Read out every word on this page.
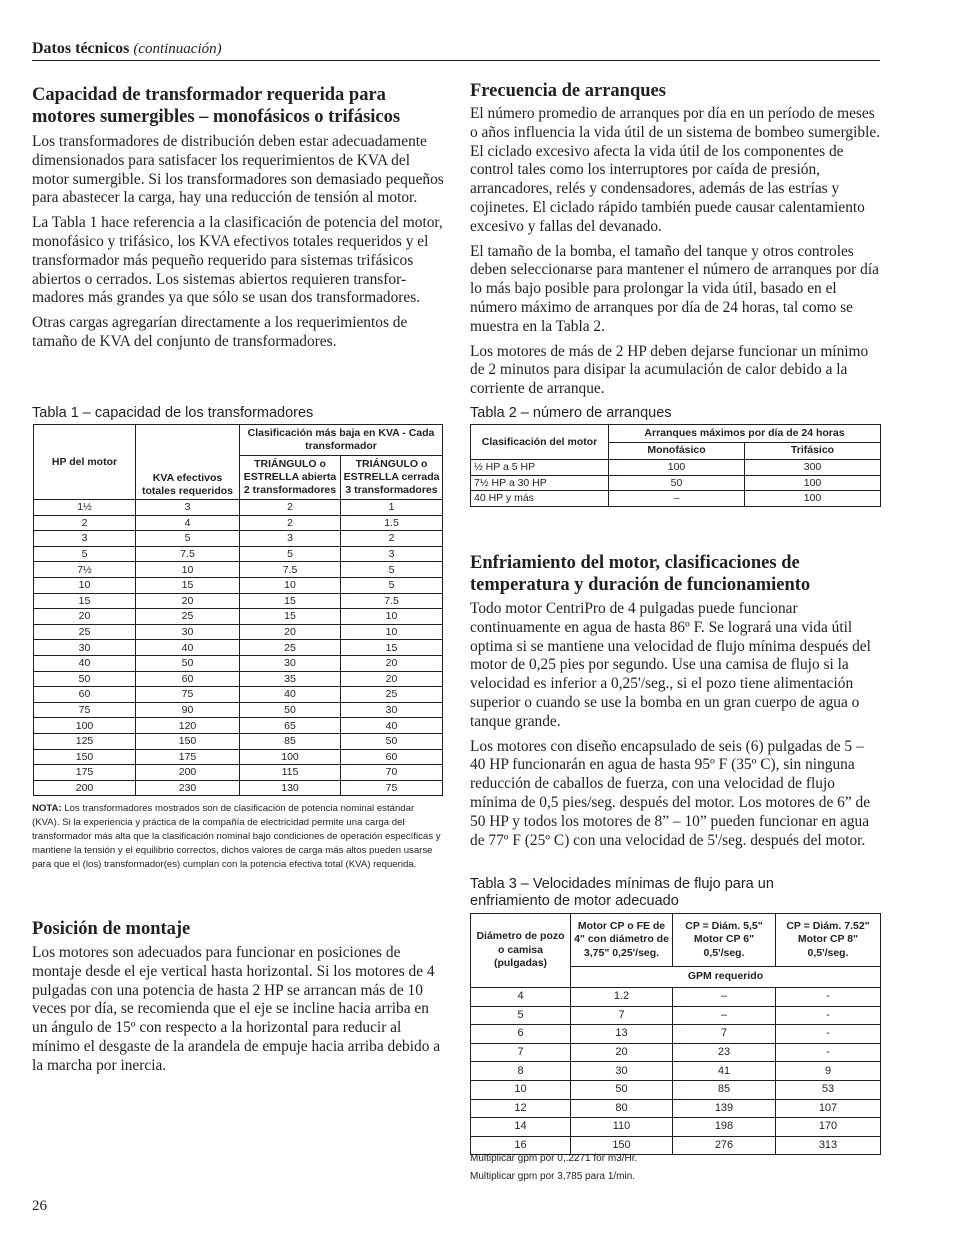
Datos técnicos (continuación)
Capacidad de transformador requerida para
motores sumergibles – monofásicos o trifásicos

Los transformadores de distribución deben estar adecuadamente dimensionados para satisfacer los requerimientos de KVA del motor sumergible. Si los transformadores son demasiado pequeños para abastecer la carga, hay una reducción de tensión al motor.

La Tabla 1 hace referencia a la clasificación de potencia del motor, monofásico y trifásico, los KVA efectivos totales requeridos y el transformador más pequeño requerido para sistemas trifásicos abiertos o cerrados. Los sistemas abiertos requieren transfor-madores más grandes ya que sólo se usan dos transformadores.

Otras cargas agregarían directamente a los requerimientos de tamaño de KVA del conjunto de transformadores.

Tabla 1 – capacidad de los transformadores
HP del motor	KVA efectivos totales requeridos	Clasificación más baja en KVA - Cada transformador	
		TRIÁNGULO o ESTRELLA abierta 2 transformadores	TRIÁNGULO o ESTRELLA cerrada 3 transformadores
1½	3	2	1
2	4	2	1.5
3	5	3	2
5	7.5	5	3
7½	10	7.5	5
10	15	10	5
15	20	15	7.5
20	25	15	10
25	30	20	10
30	40	25	15
40	50	30	20
50	60	35	20
60	75	40	25
75	90	50	30
100	120	65	40
125	150	85	50
150	175	100	60
175	200	115	70
200	230	130	75
NOTA: Los transformadores mostrados son de clasificación de potencia nominal estándar (KVA). Si la experiencia y práctica de la compañía de electricidad permite una carga del transformador más alta que la clasificación nominal bajo condiciones de operación específicas y mantiene la tensión y el equilibrio correctos, dichos valores de carga más altos pueden usarse para que el (los) transformador(es) cumplan con la potencia efectiva total (KVA) requerida.
Posición de montaje

Los motores son adecuados para funcionar en posiciones de montaje desde el eje vertical hasta horizontal. Si los motores de 4 pulgadas con una potencia de hasta 2 HP se arrancan más de 10 veces por día, se recomienda que el eje se incline hacia arriba en un ángulo de 15º con respecto a la horizontal para reducir al mínimo el desgaste de la arandela de empuje hacia arriba debido a la marcha por inercia.

Frecuencia de arranques

El número promedio de arranques por día en un período de meses o años influencia la vida útil de un sistema de bombeo sumergible. El ciclado excesivo afecta la vida útil de los componentes de control tales como los interruptores por caída de presión, arrancadores, relés y condensadores, además de las estrías y cojinetes. El ciclado rápido también puede causar calentamiento excesivo y fallas del devanado.

El tamaño de la bomba, el tamaño del tanque y otros controles deben seleccionarse para mantener el número de arranques por día lo más bajo posible para prolongar la vida útil, basado en el número máximo de arranques por día de 24 horas, tal como se muestra en la Tabla 2.

Los motores de más de 2 HP deben dejarse funcionar un mínimo de 2 minutos para disipar la acumulación de calor debido a la corriente de arranque.

Tabla 2 – número de arranques
Clasificación del motor	Arranques máximos por día de 24 horas	
	Monofásico	Trifásico
½ HP a 5 HP	100	300
7½ HP a 30 HP	50	100
40 HP y más	–	100
Enfriamiento del motor, clasificaciones de
temperatura y duración de funcionamiento

Todo motor CentriPro de 4 pulgadas puede funcionar continuamente en agua de hasta 86º F. Se logrará una vida útil optima si se mantiene una velocidad de flujo mínima después del motor de 0,25 pies por segundo. Use una camisa de flujo si la velocidad es inferior a 0,25'/seg., si el pozo tiene alimentación superior o cuando se use la bomba en un gran cuerpo de agua o tanque grande.

Los motores con diseño encapsulado de seis (6) pulgadas de 5 – 40 HP funcionarán en agua de hasta 95º F (35º C), sin ninguna reducción de caballos de fuerza, con una velocidad de flujo mínima de 0,5 pies/seg. después del motor. Los motores de 6” de 50 HP y todos los motores de 8” – 10” pueden funcionar en agua de 77º F (25º C) con una velocidad de 5'/seg. después del motor.

Tabla 3 – Velocidades mínimas de flujo para un
enfriamiento de motor adecuado
Diámetro de pozo o camisa (pulgadas)	Motor CP o FE de 4" con diámetro de 3,75" 0,25'/seg.	CP = Diám. 5,5" Motor CP 6" 0,5'/seg.	CP = Diám. 7.52" Motor CP 8" 0,5'/seg.
	GPM requerido		
4	1.2	–	-
5	7	–	-
6	13	7	-
7	20	23	-
8	30	41	9
10	50	85	53
12	80	139	107
14	110	198	170
16	150	276	313
Multiplicar gpm por 0,.2271 for m3/Hr.
Multiplicar gpm por 3,785 para 1/min.
26
